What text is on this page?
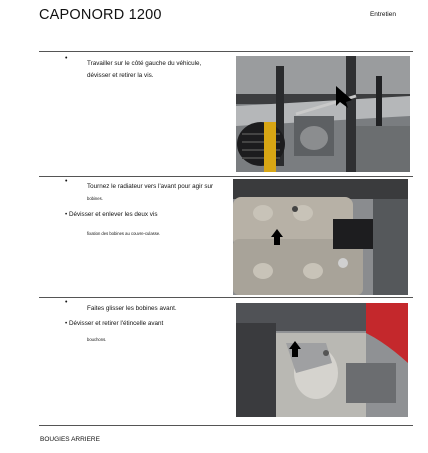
CAPONORD 1200	Entretien
•
Travailler sur le côté gauche du véhicule,
dévisser et retirer la vis.
•
Tournez le radiateur vers l'avant pour agir sur
bobines.
• Dévisser et enlever les deux vis
fixation des bobines au couvre-culasse.
•
Faites glisser les bobines avant.
• Dévisser et retirer l'étincelle avant
bouchons.
BOUGIES ARRIERE
